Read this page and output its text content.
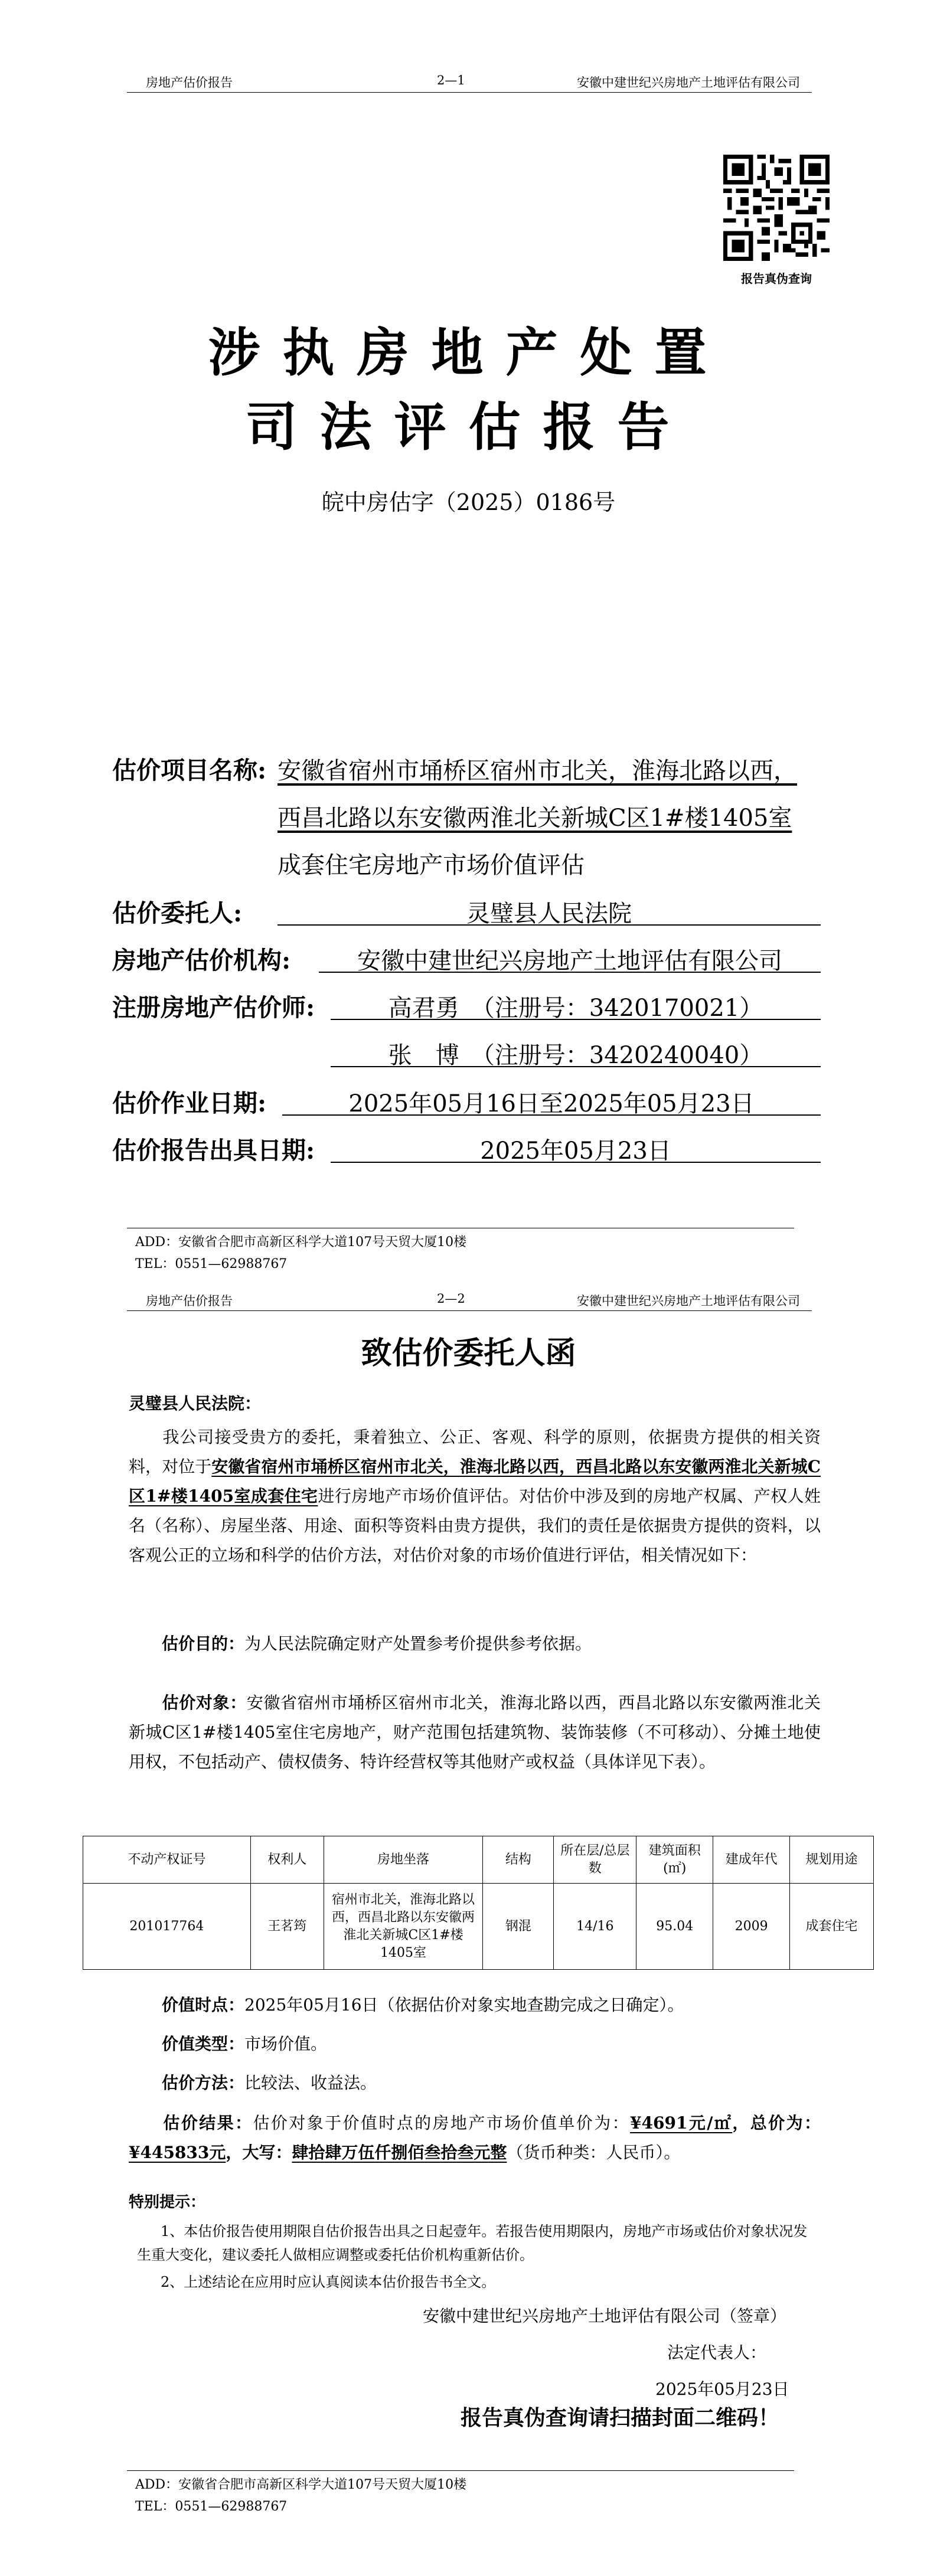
房地产估价报告	2—1	安徽中建世纪兴房地产土地评估有限公司
报告真伪查询
涉执房地产处置
司法评估报告
皖中房估字（2025）0186号
估价项目名称: 安徽省宿州市埇桥区宿州市北关，淮海北路以西，
西昌北路以东安徽两淮北关新城C区1#楼1405室
成套住宅房地产市场价值评估
估价委托人:	灵璧县人民法院
房地产估价机构:	安徽中建世纪兴房地产土地评估有限公司
注册房地产估价师:	高君勇　（注册号：3420170021）
张　博　（注册号：3420240040）
估价作业日期:	2025年05月16日至2025年05月23日
估价报告出具日期:	2025年05月23日
ADD：安徽省合肥市高新区科学大道107号天贸大厦10楼
TEL：0551—62988767
房地产估价报告	2—2	安徽中建世纪兴房地产土地评估有限公司
致估价委托人函
灵璧县人民法院：
我公司接受贵方的委托，秉着独立、公正、客观、科学的原则，依据贵方提供的相关资料，对位于安徽省宿州市埇桥区宿州市北关，淮海北路以西，西昌北路以东安徽两淮北关新城C区1#楼1405室成套住宅进行房地产市场价值评估。对估价中涉及到的房地产权属、产权人姓名（名称）、房屋坐落、用途、面积等资料由贵方提供，我们的责任是依据贵方提供的资料，以客观公正的立场和科学的估价方法，对估价对象的市场价值进行评估，相关情况如下：
估价目的：为人民法院确定财产处置参考价提供参考依据。
估价对象：安徽省宿州市埇桥区宿州市北关，淮海北路以西，西昌北路以东安徽两淮北关新城C区1#楼1405室住宅房地产，财产范围包括建筑物、装饰装修（不可移动）、分摊土地使用权，不包括动产、债权债务、特许经营权等其他财产或权益（具体详见下表）。
不动产权证号	权利人	房地坐落	结构	所在层/总层数	建筑面积(㎡)	建成年代	规划用途
201017764	王茗筠	宿州市北关，淮海北路以西，西昌北路以东安徽两淮北关新城C区1#楼1405室	钢混	14/16	95.04	2009	成套住宅
价值时点：2025年05月16日（依据估价对象实地查勘完成之日确定）。
价值类型：市场价值。
估价方法：比较法、收益法。
估价结果：估价对象于价值时点的房地产市场价值单价为：¥4691元/㎡，总价为：¥445833元，大写：肆拾肆万伍仟捌佰叁拾叁元整（货币种类：人民币）。
特别提示：
1、本估价报告使用期限自估价报告出具之日起壹年。若报告使用期限内，房地产市场或估价对象状况发生重大变化，建议委托人做相应调整或委托估价机构重新估价。
2、上述结论在应用时应认真阅读本估价报告书全文。
安徽中建世纪兴房地产土地评估有限公司（签章）
法定代表人：
2025年05月23日
报告真伪查询请扫描封面二维码！
ADD：安徽省合肥市高新区科学大道107号天贸大厦10楼
TEL：0551—62988767
